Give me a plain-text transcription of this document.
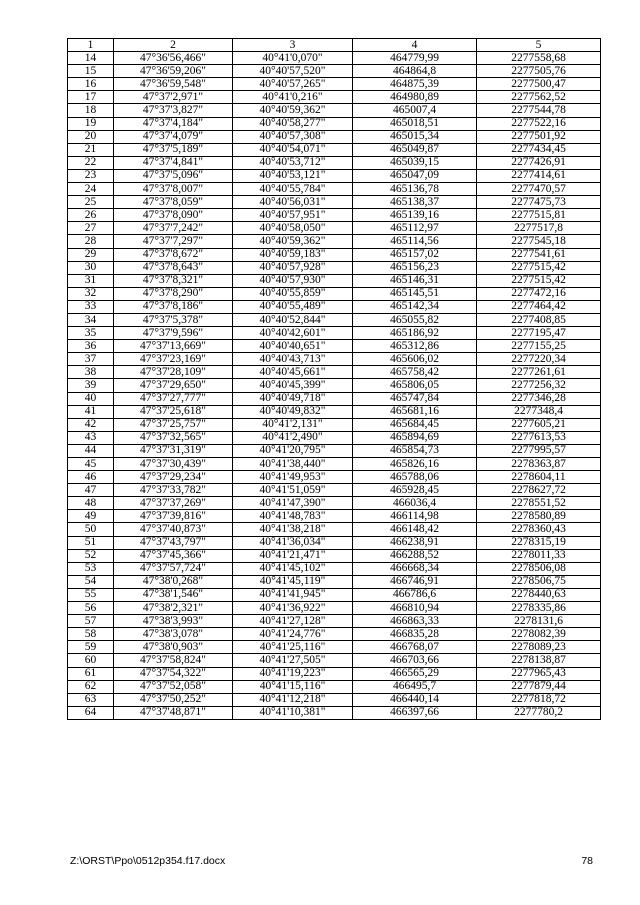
1	2	3	4	5
14	47°36'56,466"	40°41'0,070"	464779,99	2277558,68
15	47°36'59,206"	40°40'57,520"	464864,8	2277505,76
16	47°36'59,548"	40°40'57,265"	464875,39	2277500,47
17	47°37'2,971"	40°41'0,216"	464980,89	2277562,52
18	47°37'3,827"	40°40'59,362"	465007,4	2277544,78
19	47°37'4,184"	40°40'58,277"	465018,51	2277522,16
20	47°37'4,079"	40°40'57,308"	465015,34	2277501,92
21	47°37'5,189"	40°40'54,071"	465049,87	2277434,45
22	47°37'4,841"	40°40'53,712"	465039,15	2277426,91
23	47°37'5,096"	40°40'53,121"	465047,09	2277414,61
24	47°37'8,007"	40°40'55,784"	465136,78	2277470,57
25	47°37'8,059"	40°40'56,031"	465138,37	2277475,73
26	47°37'8,090"	40°40'57,951"	465139,16	2277515,81
27	47°37'7,242"	40°40'58,050"	465112,97	2277517,8
28	47°37'7,297"	40°40'59,362"	465114,56	2277545,18
29	47°37'8,672"	40°40'59,183"	465157,02	2277541,61
30	47°37'8,643"	40°40'57,928"	465156,23	2277515,42
31	47°37'8,321"	40°40'57,930"	465146,31	2277515,42
32	47°37'8,290"	40°40'55,859"	465145,51	2277472,16
33	47°37'8,186"	40°40'55,489"	465142,34	2277464,42
34	47°37'5,378"	40°40'52,844"	465055,82	2277408,85
35	47°37'9,596"	40°40'42,601"	465186,92	2277195,47
36	47°37'13,669"	40°40'40,651"	465312,86	2277155,25
37	47°37'23,169"	40°40'43,713"	465606,02	2277220,34
38	47°37'28,109"	40°40'45,661"	465758,42	2277261,61
39	47°37'29,650"	40°40'45,399"	465806,05	2277256,32
40	47°37'27,777"	40°40'49,718"	465747,84	2277346,28
41	47°37'25,618"	40°40'49,832"	465681,16	2277348,4
42	47°37'25,757"	40°41'2,131"	465684,45	2277605,21
43	47°37'32,565"	40°41'2,490"	465894,69	2277613,53
44	47°37'31,319"	40°41'20,795"	465854,73	2277995,57
45	47°37'30,439"	40°41'38,440"	465826,16	2278363,87
46	47°37'29,234"	40°41'49,953"	465788,06	2278604,11
47	47°37'33,782"	40°41'51,059"	465928,45	2278627,72
48	47°37'37,269"	40°41'47,390"	466036,4	2278551,52
49	47°37'39,816"	40°41'48,783"	466114,98	2278580,89
50	47°37'40,873"	40°41'38,218"	466148,42	2278360,43
51	47°37'43,797"	40°41'36,034"	466238,91	2278315,19
52	47°37'45,366"	40°41'21,471"	466288,52	2278011,33
53	47°37'57,724"	40°41'45,102"	466668,34	2278506,08
54	47°38'0,268"	40°41'45,119"	466746,91	2278506,75
55	47°38'1,546"	40°41'41,945"	466786,6	2278440,63
56	47°38'2,321"	40°41'36,922"	466810,94	2278335,86
57	47°38'3,993"	40°41'27,128"	466863,33	2278131,6
58	47°38'3,078"	40°41'24,776"	466835,28	2278082,39
59	47°38'0,903"	40°41'25,116"	466768,07	2278089,23
60	47°37'58,824"	40°41'27,505"	466703,66	2278138,87
61	47°37'54,322"	40°41'19,223"	466565,29	2277965,43
62	47°37'52,058"	40°41'15,116"	466495,7	2277879,44
63	47°37'50,252"	40°41'12,218"	466440,14	2277818,72
64	47°37'48,871"	40°41'10,381"	466397,66	2277780,2
Z:\ORST\Ppo\0512p354.f17.docx	78
